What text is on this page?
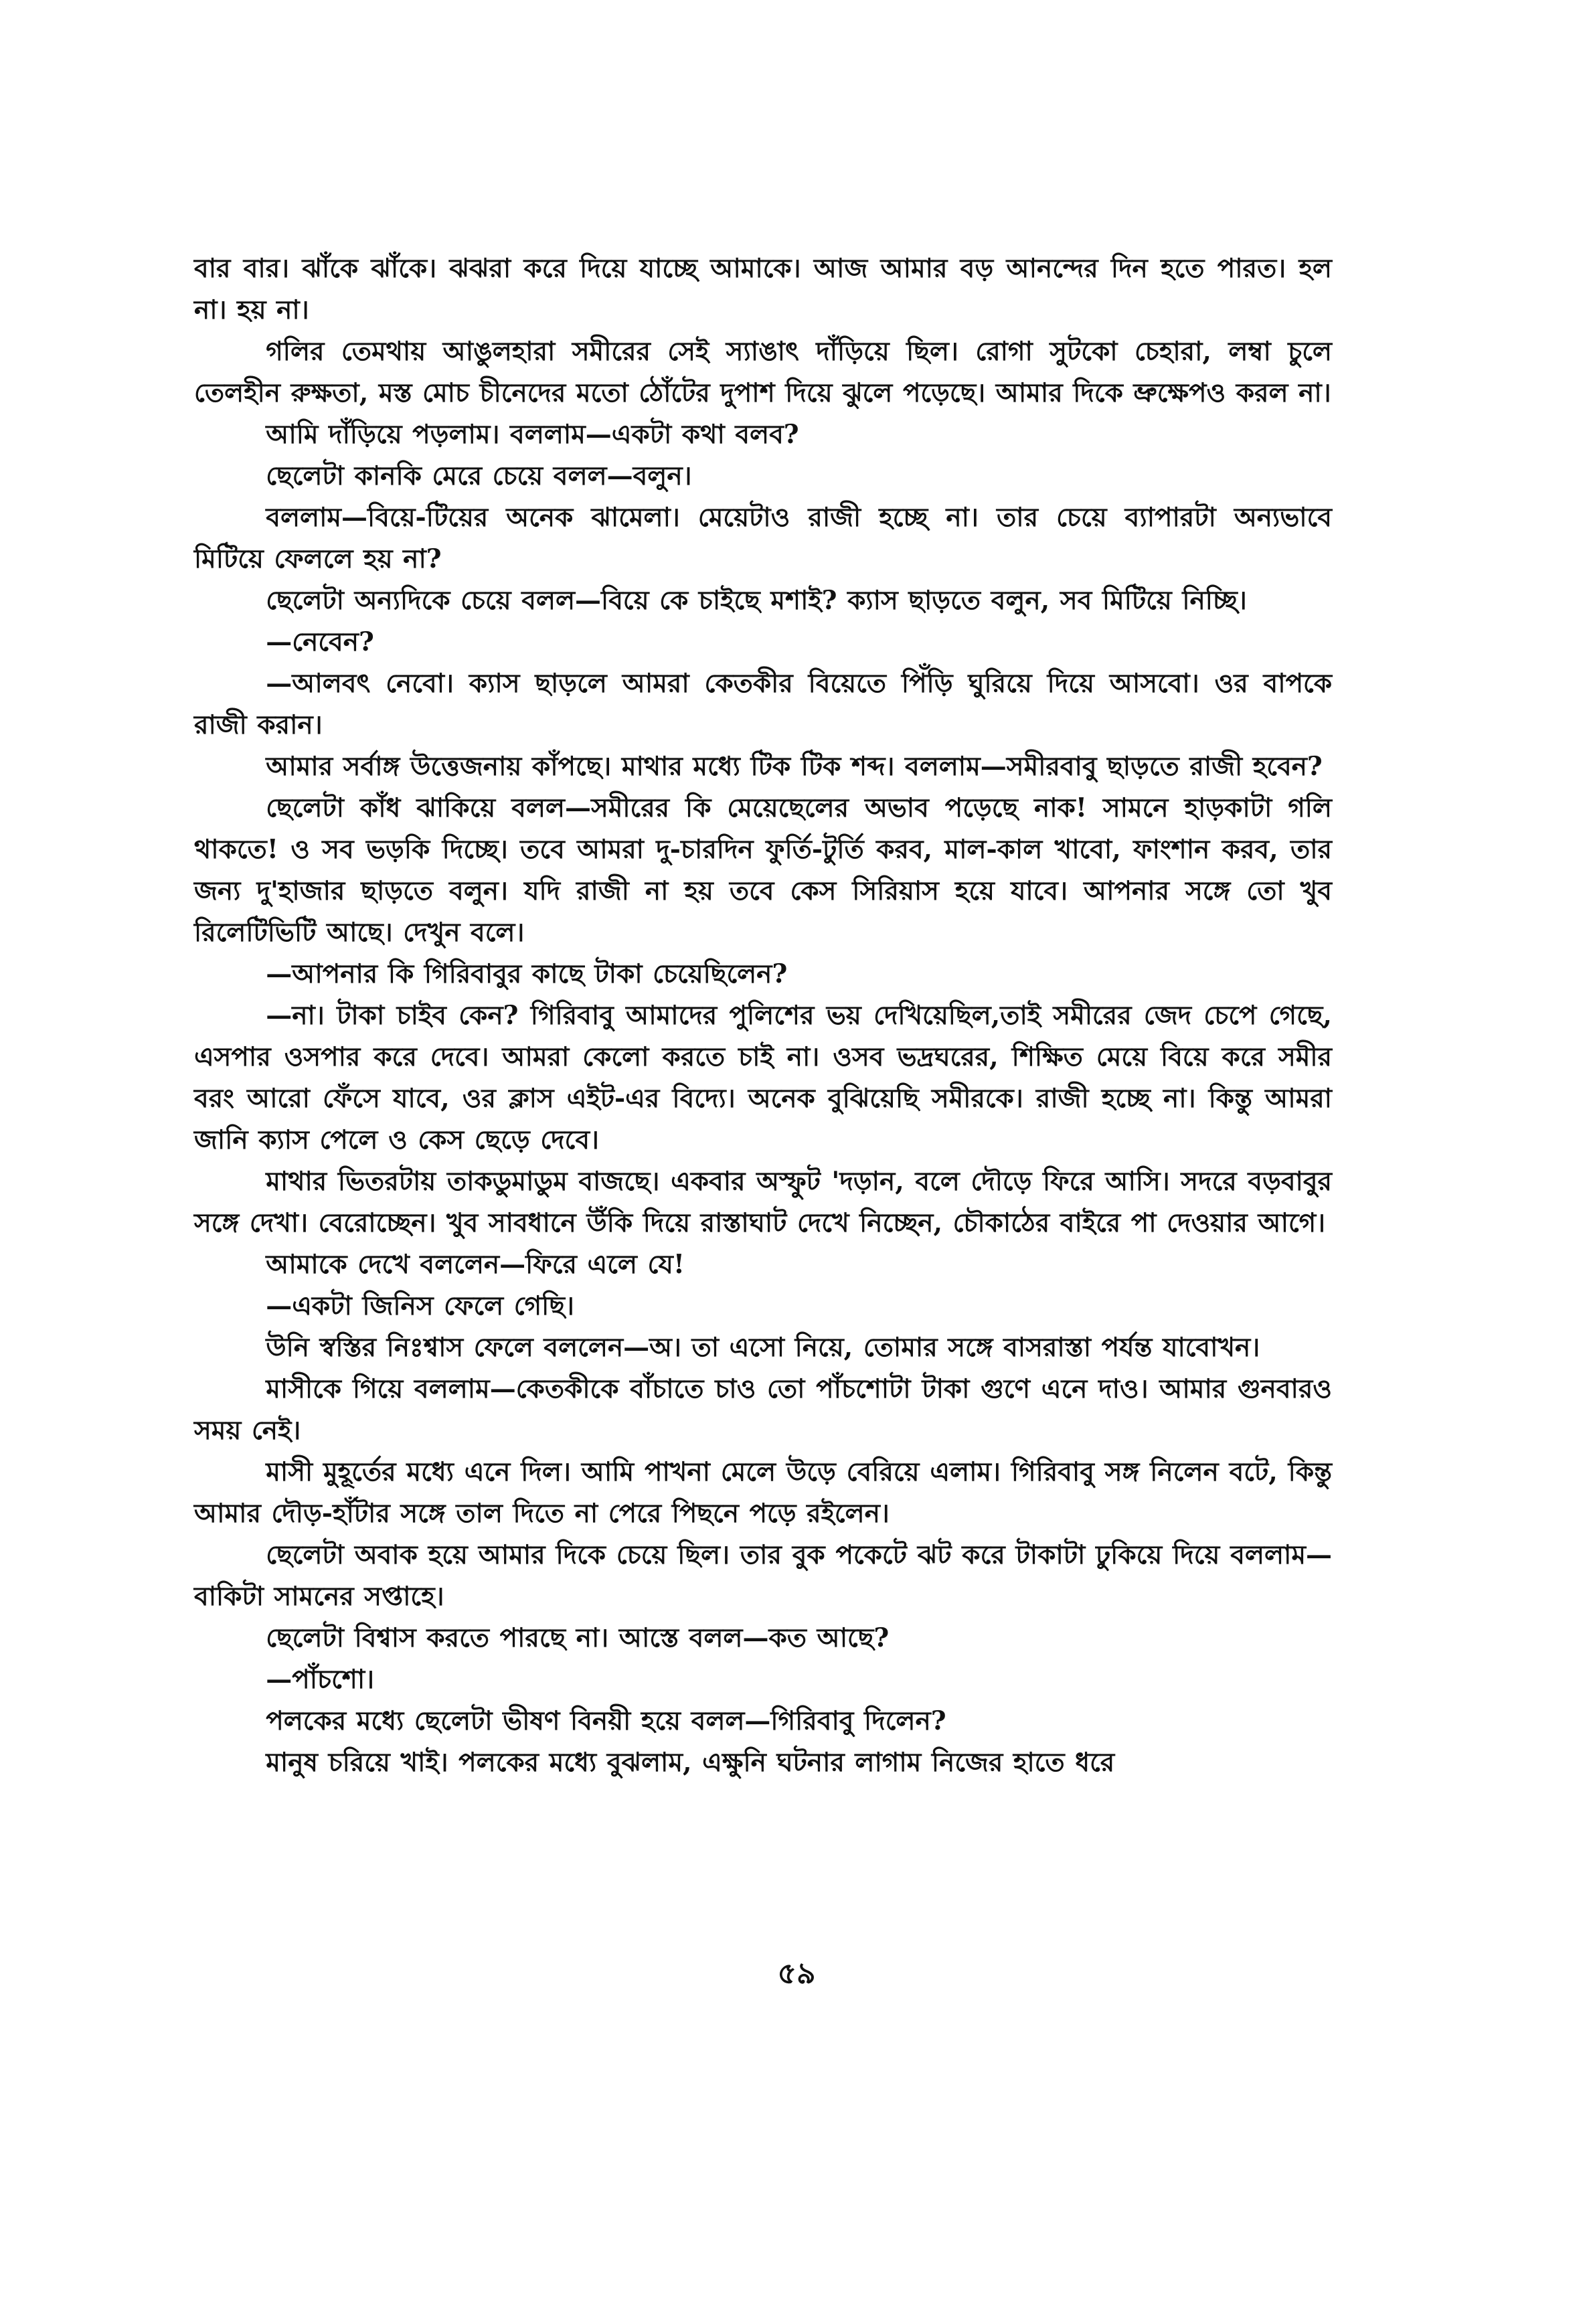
বার বার। ঝাঁকে ঝাঁকে। ঝঝরা করে দিয়ে যাচ্ছে আমাকে। আজ আমার বড় আনন্দের দিন হতে পারত। হল না। হয় না।

গলির তেমথায় আঙুলহারা সমীরের সেই স্যাঙাৎ দাঁড়িয়ে ছিল। রোগা সুটকো চেহারা, লম্বা চুলে তেলহীন রুক্ষতা, মস্ত মোচ চীনেদের মতো ঠোঁটের দুপাশ দিয়ে ঝুলে পড়েছে। আমার দিকে ভ্রুক্ষেপও করল না।

আমি দাঁড়িয়ে পড়লাম। বললাম—একটা কথা বলব?

ছেলেটা কানকি মেরে চেয়ে বলল—বলুন।

বললাম—বিয়ে-টিয়ের অনেক ঝামেলা। মেয়েটাও রাজী হচ্ছে না। তার চেয়ে ব্যাপারটা অন্যভাবে মিটিয়ে ফেললে হয় না?

ছেলেটা অন্যদিকে চেয়ে বলল—বিয়ে কে চাইছে মশাই? ক্যাস ছাড়তে বলুন, সব মিটিয়ে নিচ্ছি।

—নেবেন?

—আলবৎ নেবো। ক্যাস ছাড়লে আমরা কেতকীর বিয়েতে পিঁড়ি ঘুরিয়ে দিয়ে আসবো। ওর বাপকে রাজী করান।

আমার সর্বাঙ্গ উত্তেজনায় কাঁপছে। মাথার মধ্যে টিক টিক শব্দ। বললাম—সমীরবাবু ছাড়তে রাজী হবেন?

ছেলেটা কাঁধ ঝাকিয়ে বলল—সমীরের কি মেয়েছেলের অভাব পড়েছে নাক! সামনে হাড়কাটা গলি থাকতে! ও সব ভড়কি দিচ্ছে। তবে আমরা দু-চারদিন ফুর্তি-টুর্তি করব, মাল-কাল খাবো, ফাংশান করব, তার জন্য দু'হাজার ছাড়তে বলুন। যদি রাজী না হয় তবে কেস সিরিয়াস হয়ে যাবে। আপনার সঙ্গে তো খুব রিলেটিভিটি আছে। দেখুন বলে।

—আপনার কি গিরিবাবুর কাছে টাকা চেয়েছিলেন?

—না। টাকা চাইব কেন? গিরিবাবু আমাদের পুলিশের ভয় দেখিয়েছিল,তাই সমীরের জেদ চেপে গেছে, এসপার ওসপার করে দেবে। আমরা কেলো করতে চাই না। ওসব ভদ্রঘরের, শিক্ষিত মেয়ে বিয়ে করে সমীর বরং আরো ফেঁসে যাবে, ওর ক্লাস এইট-এর বিদ্যে। অনেক বুঝিয়েছি সমীরকে। রাজী হচ্ছে না। কিন্তু আমরা জানি ক্যাস পেলে ও কেস ছেড়ে দেবে।

মাথার ভিতরটায় তাকডুমাডুম বাজছে। একবার অস্ফুট 'দড়ান, বলে দৌড়ে ফিরে আসি। সদরে বড়বাবুর সঙ্গে দেখা। বেরোচ্ছেন। খুব সাবধানে উঁকি দিয়ে রাস্তাঘাট দেখে নিচ্ছেন, চৌকাঠের বাইরে পা দেওয়ার আগে।

আমাকে দেখে বললেন—ফিরে এলে যে!

—একটা জিনিস ফেলে গেছি।

উনি স্বস্তির নিঃশ্বাস ফেলে বললেন—অ। তা এসো নিয়ে, তোমার সঙ্গে বাসরাস্তা পর্যন্ত যাবোখন।

মাসীকে গিয়ে বললাম—কেতকীকে বাঁচাতে চাও তো পাঁচশোটা টাকা গুণে এনে দাও। আমার গুনবারও সময় নেই।

মাসী মুহূর্তের মধ্যে এনে দিল। আমি পাখনা মেলে উড়ে বেরিয়ে এলাম। গিরিবাবু সঙ্গ নিলেন বটে, কিন্তু আমার দৌড়-হাঁটার সঙ্গে তাল দিতে না পেরে পিছনে পড়ে রইলেন।

ছেলেটা অবাক হয়ে আমার দিকে চেয়ে ছিল। তার বুক পকেটে ঝট করে টাকাটা ঢুকিয়ে দিয়ে বললাম—বাকিটা সামনের সপ্তাহে।

ছেলেটা বিশ্বাস করতে পারছে না। আস্তে বলল—কত আছে?

—পাঁচশো।

পলকের মধ্যে ছেলেটা ভীষণ বিনয়ী হয়ে বলল—গিরিবাবু দিলেন?

মানুষ চরিয়ে খাই। পলকের মধ্যে বুঝলাম, এক্ষুনি ঘটনার লাগাম নিজের হাতে ধরে

৫৯
